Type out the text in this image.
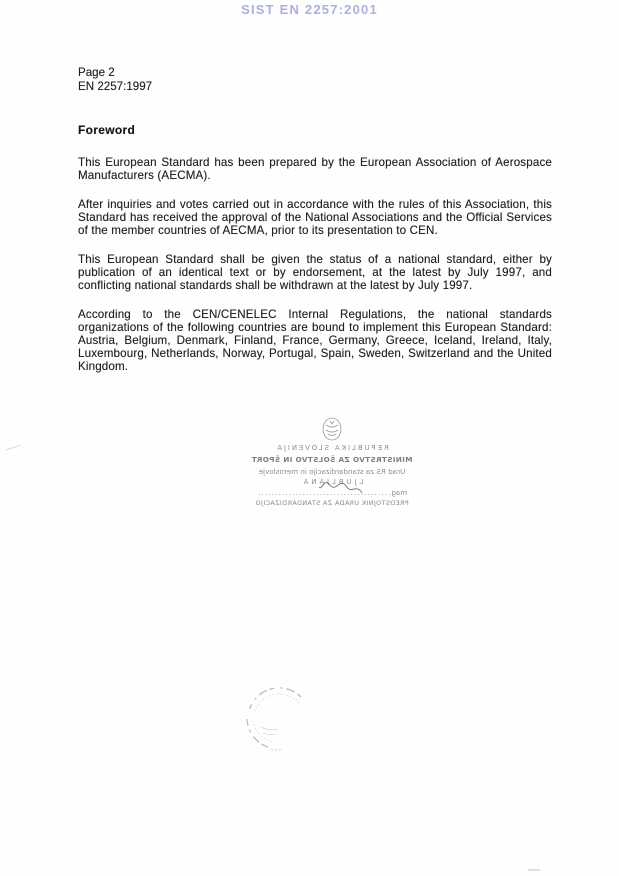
SIST EN 2257:2001
Page 2
EN 2257:1997
Foreword

This European Standard has been prepared by the European Association of Aerospace Manufacturers (AECMA).

After inquiries and votes carried out in accordance with the rules of this Association, this Standard has received the approval of the National Associations and the Official Services of the member countries of AECMA, prior to its presentation to CEN.

This European Standard shall be given the status of a national standard, either by publication of an identical text or by endorsement, at the latest by July 1997, and conflicting national standards shall be withdrawn at the latest by July 1997.

According to the CEN/CENELEC Internal Regulations, the national standards organizations of the following countries are bound to implement this European Standard: Austria, Belgium, Denmark, Finland, France, Germany, Greece, Iceland, Ireland, Italy, Luxembourg, Netherlands, Norway, Portugal, Spain, Sweden, Switzerland and the United Kingdom.

REPUBLIKA SLOVENIJA
MINISTRSTVO ZA ŠOLSTVO IN ŠPORT
Urad RS za standardizacijo in meroslovje
LJUBLJANA
mag. ......................................
PREDSTOJNIK URADA ZA STANDARDIZACIJO
